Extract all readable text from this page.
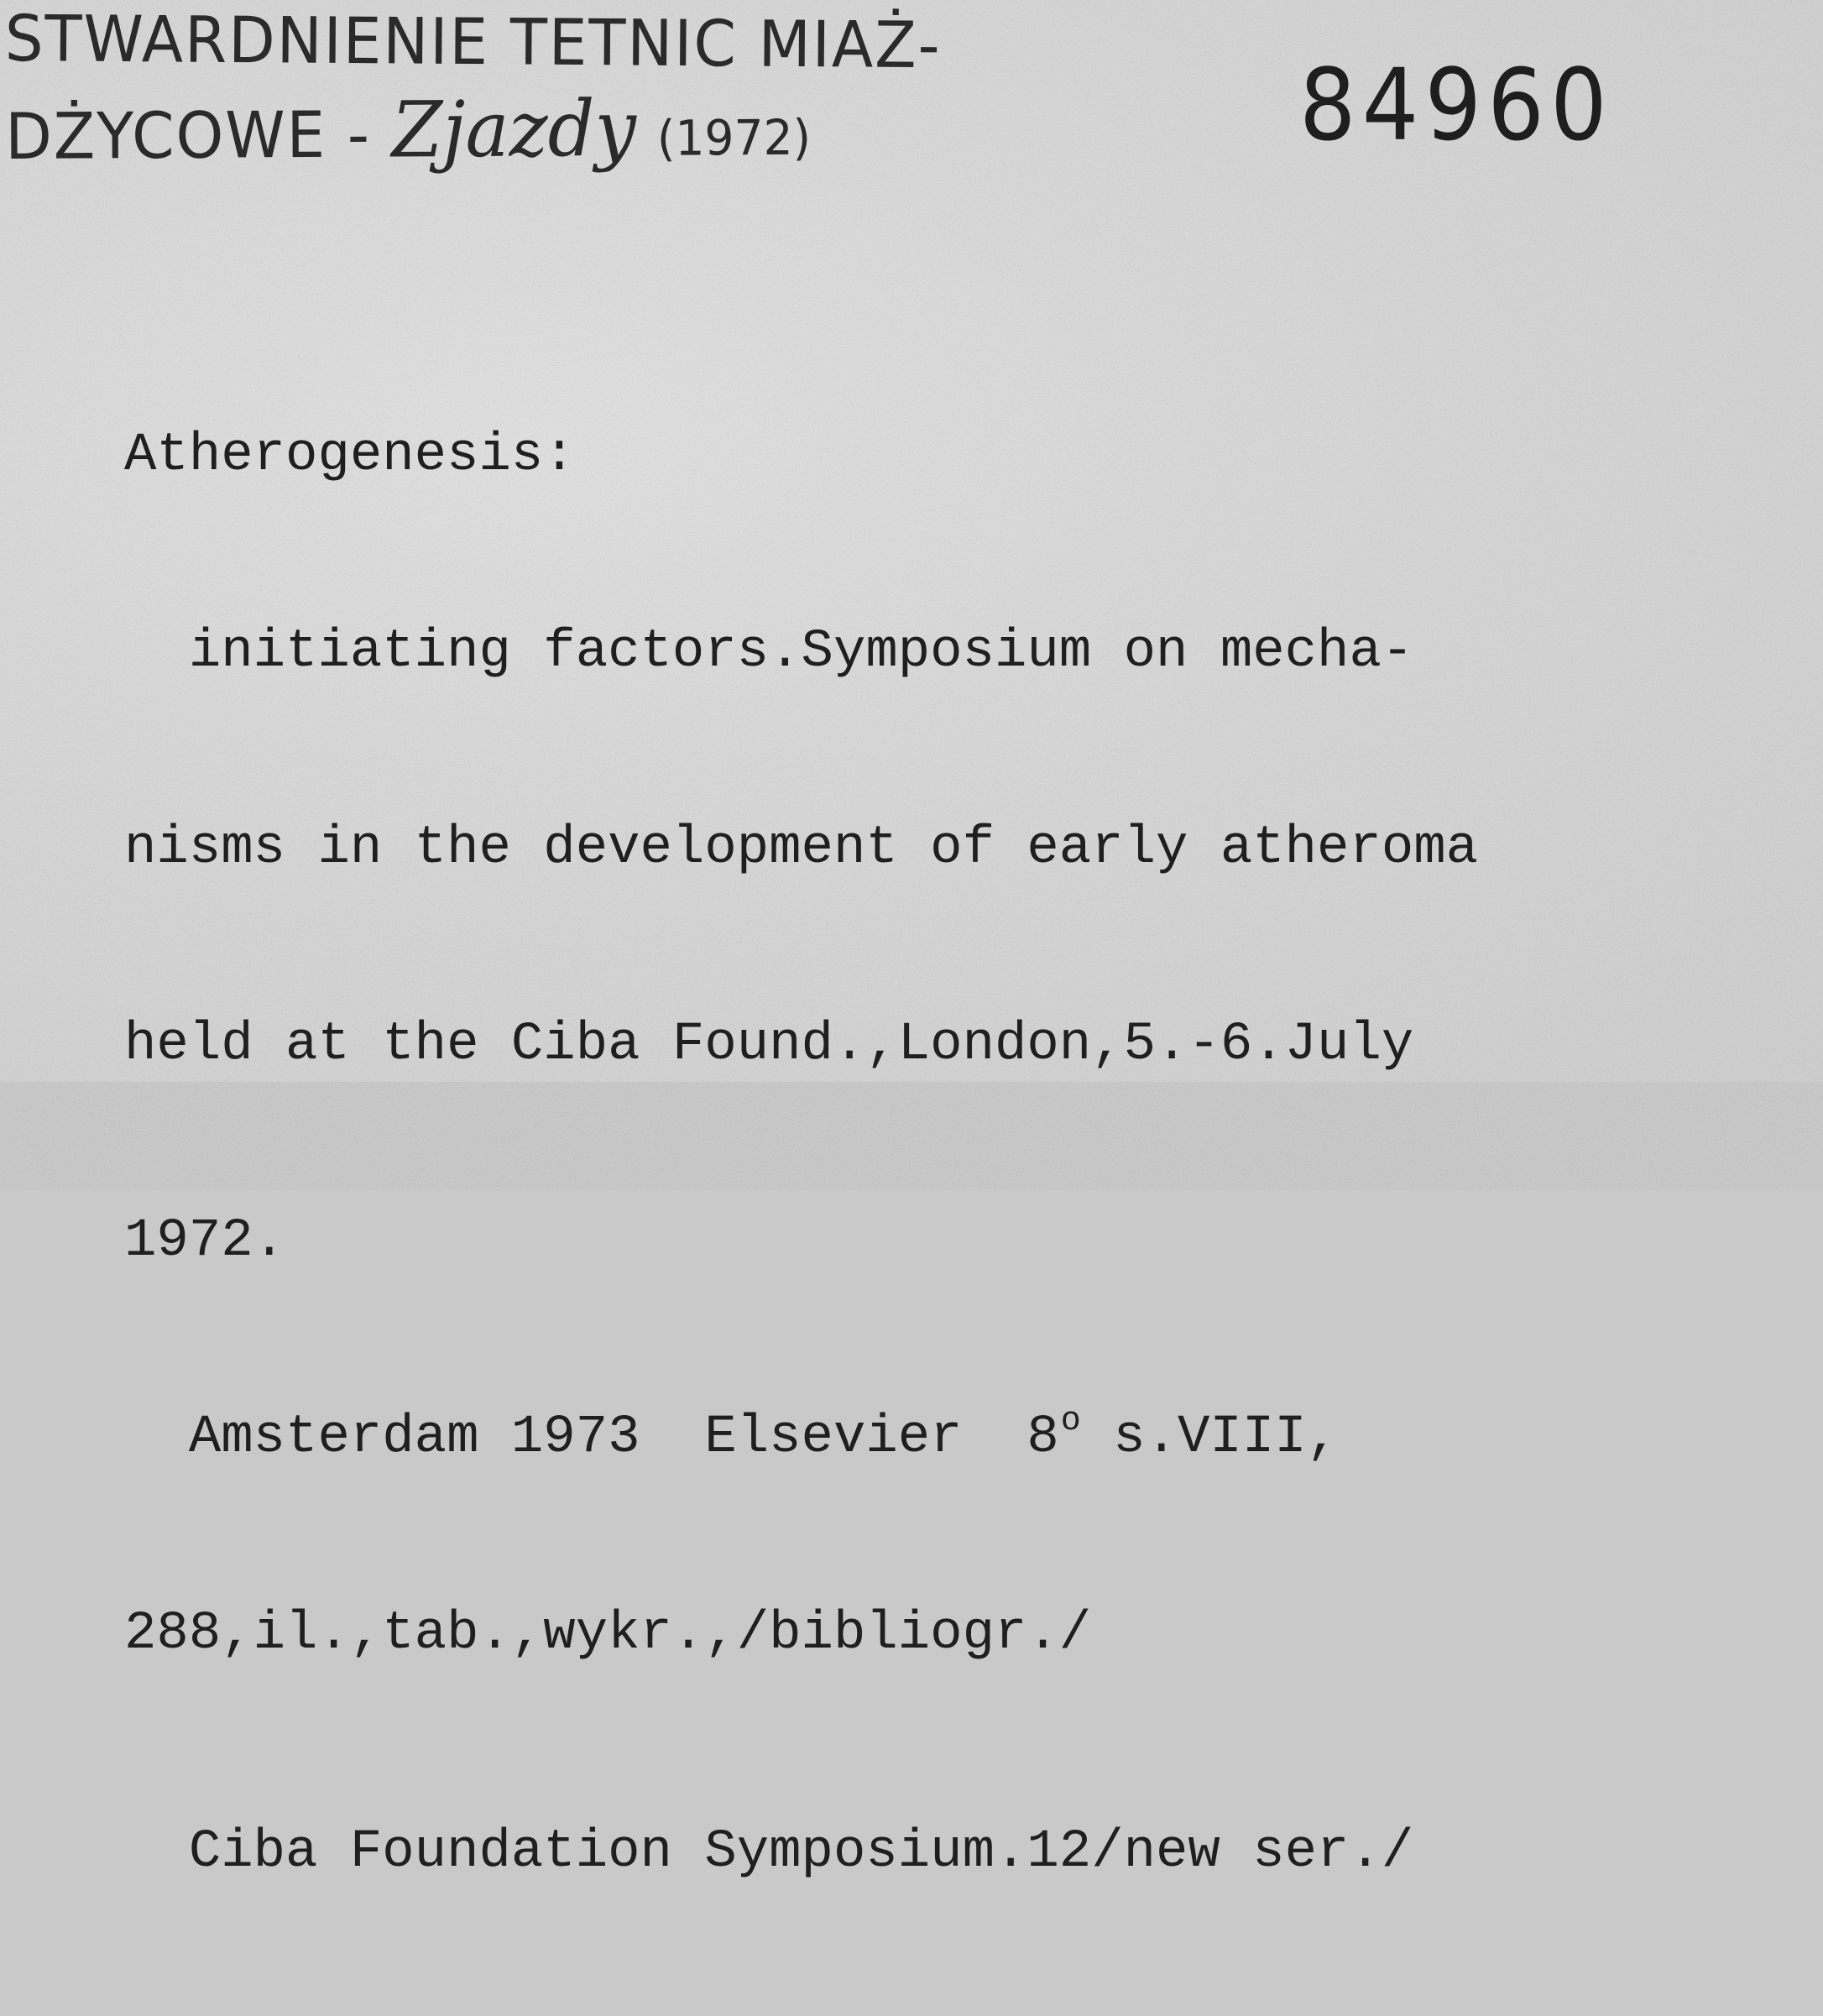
STWARDNIENIE TETNIC MIAŻ-
DŻYCOWE - Zjazdy (1972)	84960

Atherogenesis:

initiating factors.Symposium on mecha-

nisms in the development of early atheroma

held at the Ciba Found.,London,5.-6.July

1972.

Amsterdam 1973  Elsevier  8$^o$ s.VIII,

288,il.,tab.,wykr.,/bibliogr./

Ciba Foundation Symposium.12/new ser./
